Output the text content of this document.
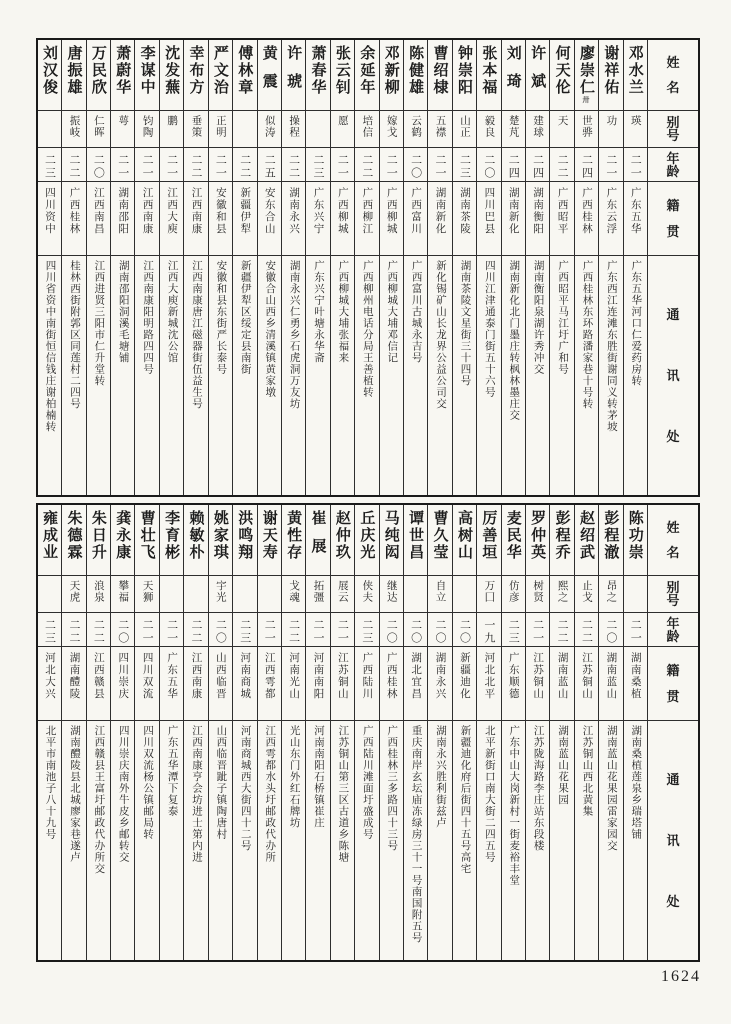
姓
名
别
号
年
龄
籍
贯
通
讯
处
邓水兰
瑛
二一
广东五华
广东五华河口仁爱药房转
谢祥佑
功
二一
广东云浮
广东西江连滩东胜街谢同义转茅坡
廖崇仁卅
世骅
二四
广西桂林
广西桂林东环路潘家巷十号转
何天伦
天
二二
广西昭平
广西昭平马江圩广和号
许斌
建球
二四
湖南衡阳
湖南衡阳泉湖许秀冲交
刘琦
楚芃
二四
湖南新化
湖南新化北门墨庄转枫林墨庄交
张本福
毅良
二〇
四川巴县
四川江津通泰门街五十六号
钟崇阳
山正
二三
湖南茶陵
湖南茶陵文星街三十四号
曹绍棣
五襟
二一
湖南新化
新化锡矿山长龙界公益公司交
陈健雄
云鹤
二〇
广西富川
广西富川古城永吉号
邓新柳
嫁戈
二一
广西柳城
广西柳城大埔邓信记
余延年
培信
二二
广西柳江
广西柳州电话分局王善植转
张云钊
愿
二一
广西柳城
广西柳城大埔张福来
萧春华
二三
广东兴宁
广东兴宁叶塘永华斋
许琥
操程
二二
湖南永兴
湖南永兴仁勇乡石虎洞万友坊
黄震
似涛
二五
安东合山
安徽合山西乡清溪镇黄家墩
傅林章
二二
新疆伊犁
新疆伊犁区绥定县南街
严文治
正明
二一
安徽和县
安徽和县东街严长泰号
幸布方
垂策
二二
江西南康
江西南康唐江磁器街伍益生号
沈发蕪
鹏
二一
江西大庾
江西大庾新城沈公馆
李谋中
钧陶
二一
江西南康
江西南康阳明路四四号
萧蔚华
萼
二一
湖南邵阳
湖南邵阳洞溪毛塘铺
万民欣
仁晖
二〇
江西南昌
江西进贤三阳市仁升堂转
唐振雄
振岐
二二
广西桂林
桂林西街附郭区同莲村二四号
刘汉俊
二三
四川资中
四川省资中南街恒信钱庄谢柏楠转
姓
名
别
号
年
龄
籍
贯
通
讯
处
陈功崇
二一
湖南桑植
湖南桑植莲泉乡瑞塔铺
彭程澈
昂之
二〇
湖南蓝山
湖南蓝山花果园雷家园交
赵绍武
止戈
二二
江苏铜山
江苏铜山西北黄集
彭程乔
熙之
二二
湖南蓝山
湖南蓝山花果园
罗仲英
树贤
二一
江苏铜山
江苏陇海路李庄站东段楼
麦民华
仿彦
二三
广东顺德
广东中山大岗新村一街麦裕丰堂
厉善垣
万囗
一九
河北北平
北平新街口南大街二四五号
高树山
二〇
新疆迪化
新疆迪化府后街四十五号高宅
曹久莹
自立
二〇
湖南永兴
湖南永兴胜利街兹卢
谭世昌
二〇
湖北宜昌
重庆南岸玄坛庙冻绿房三十一号南国附五号
马纯闳
继达
二〇
广西桂林
广西桂林三多路四十三号
丘庆光
侠夫
二三
广西陆川
广西陆川滩面圩盛成号
赵仲玖
展云
二一
江苏铜山
江苏铜山第三区古道乡陈塘
崔展
拓彊
二一
河南南阳
河南南阳石桥镇崔庄
黄性存
戈魂
二二
河南光山
光山东门外红石牌坊
谢天寿
二一
江西雩都
江西雩都水头圩邮政代办所
洪鸣翔
二三
河南商城
河南商城西大街四十二号
姚家琪
宇光
二〇
山西临晋
山西临晋跐子镇陶唐村
赖敏朴
二二
江西南康
江西南康亨会坊进士第内进
李育彬
二一
广东五华
广东五华潭下复泰
曹壮飞
天狮
二一
四川双流
四川双流杨公镇邮局转
龚永康
攀福
二〇
四川崇庆
四川崇庆南外牛皮乡邮转交
朱日升
浪泉
二二
江西赣县
江西赣县王富圩邮政代办所交
朱德霖
天虎
二二
湖南醴陵
湖南醴陵县北城廖家巷遂卢
雍成业
二三
河北大兴
北平市南池子八十九号
1624
